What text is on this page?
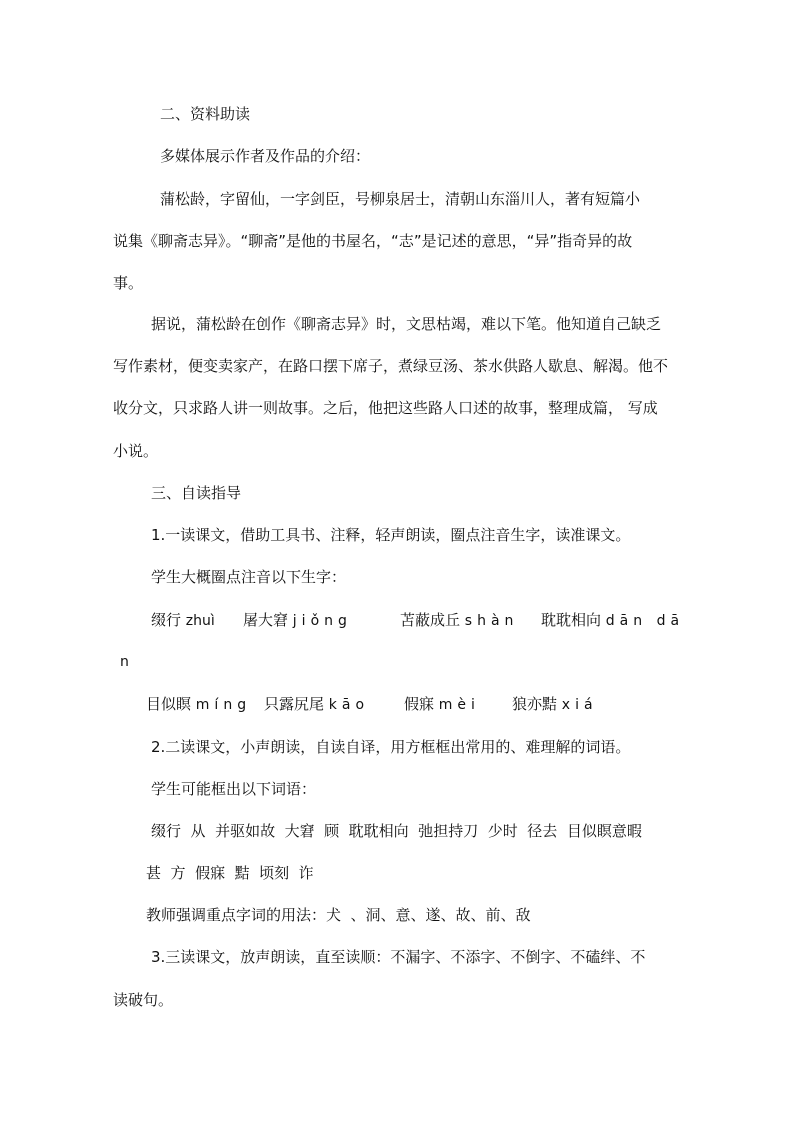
二、资料助读
多媒体展示作者及作品的介绍：
蒲松龄，字留仙，一字剑臣，号柳泉居士，清朝山东淄川人，著有短篇小
说集《聊斋志异》。“聊斋”是他的书屋名，“志”是记述的意思，“异”指奇异的故
事。
据说，蒲松龄在创作《聊斋志异》时，文思枯竭，难以下笔。他知道自己缺乏
写作素材，便变卖家产，在路口摆下席子，煮绿豆汤、茶水供路人歇息、解渴。他不
收分文，只求路人讲一则故事。之后，他把这些路人口述的故事，整理成篇， 写成
小说。
三、自读指导
1.一读课文，借助工具书、注释，轻声朗读，圈点注音生字，读准课文。
学生大概圈点注音以下生字：
缀行 zhuì 屠大窘 jiǒng	苫蔽成丘 shàn 耽耽相向 dān dā
n
目似瞑 míng 只露尻尾 kāo 假寐 mèi 狼亦黠 xiá
2.二读课文，小声朗读，自读自译，用方框框出常用的、难理解的词语。
学生可能框出以下词语：
缀行  从  并驱如故  大窘  顾  耽耽相向  弛担持刀  少时  径去  目似瞑意暇
甚  方  假寐  黠  顷刻  诈
教师强调重点字词的用法：犬  、洞、意、遂、故、前、敌
3.三读课文，放声朗读，直至读顺：不漏字、不添字、不倒字、不磕绊、不
读破句。
